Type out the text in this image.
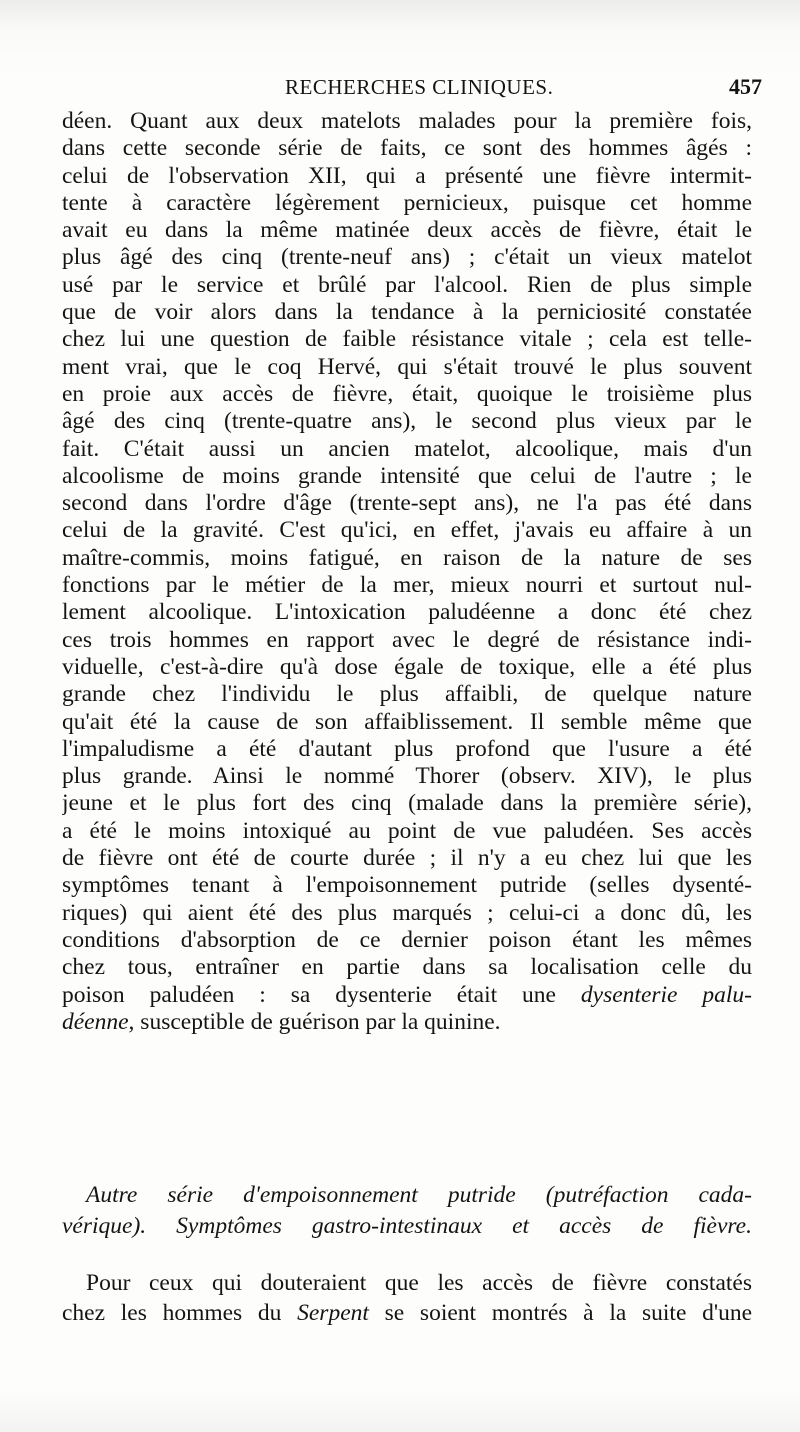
RECHERCHES CLINIQUES.	457
déen. Quant aux deux matelots malades pour la première fois,
dans cette seconde série de faits, ce sont des hommes âgés :
celui de l'observation XII, qui a présenté une fièvre intermit-
tente à caractère légèrement pernicieux, puisque cet homme
avait eu dans la même matinée deux accès de fièvre, était le
plus âgé des cinq (trente-neuf ans) ; c'était un vieux matelot
usé par le service et brûlé par l'alcool. Rien de plus simple
que de voir alors dans la tendance à la perniciosité constatée
chez lui une question de faible résistance vitale ; cela est telle-
ment vrai, que le coq Hervé, qui s'était trouvé le plus souvent
en proie aux accès de fièvre, était, quoique le troisième plus
âgé des cinq (trente-quatre ans), le second plus vieux par le
fait. C'était aussi un ancien matelot, alcoolique, mais d'un
alcoolisme de moins grande intensité que celui de l'autre ; le
second dans l'ordre d'âge (trente-sept ans), ne l'a pas été dans
celui de la gravité. C'est qu'ici, en effet, j'avais eu affaire à un
maître-commis, moins fatigué, en raison de la nature de ses
fonctions par le métier de la mer, mieux nourri et surtout nul-
lement alcoolique. L'intoxication paludéenne a donc été chez
ces trois hommes en rapport avec le degré de résistance indi-
viduelle, c'est-à-dire qu'à dose égale de toxique, elle a été plus
grande chez l'individu le plus affaibli, de quelque nature
qu'ait été la cause de son affaiblissement. Il semble même que
l'impaludisme a été d'autant plus profond que l'usure a été
plus grande. Ainsi le nommé Thorer (observ. XIV), le plus
jeune et le plus fort des cinq (malade dans la première série),
a été le moins intoxiqué au point de vue paludéen. Ses accès
de fièvre ont été de courte durée ; il n'y a eu chez lui que les
symptômes tenant à l'empoisonnement putride (selles dysenté-
riques) qui aient été des plus marqués ; celui-ci a donc dû, les
conditions d'absorption de ce dernier poison étant les mêmes
chez tous, entraîner en partie dans sa localisation celle du
poison paludéen : sa dysenterie était une dysenterie palu-
déenne, susceptible de guérison par la quinine.
Autre série d'empoisonnement putride (putréfaction cada-
vérique). Symptômes gastro-intestinaux et accès de fièvre.
Pour ceux qui douteraient que les accès de fièvre constatés
chez les hommes du Serpent se soient montrés à la suite d'une
